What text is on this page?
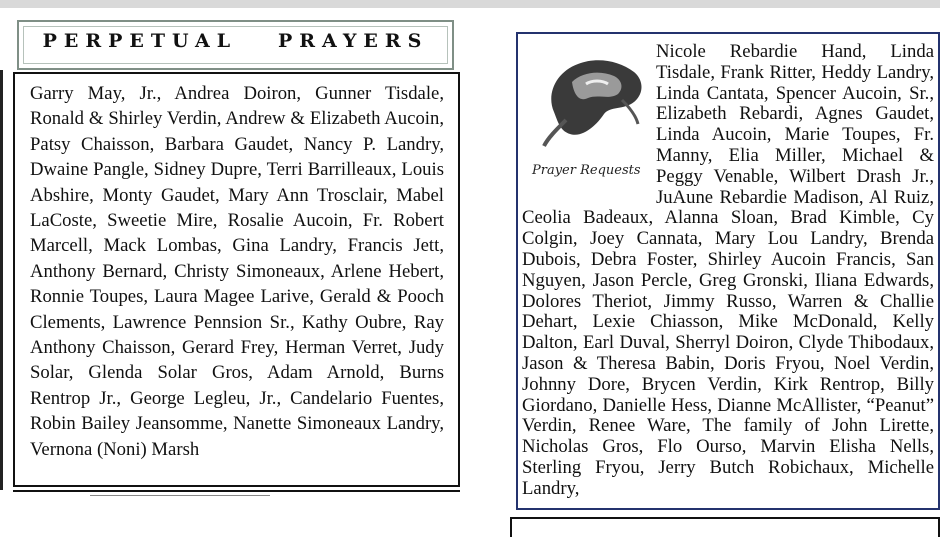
PERPETUAL   PRAYERS
Garry May, Jr., Andrea Doiron, Gunner Tisdale, Ronald & Shirley Verdin, Andrew & Elizabeth Aucoin, Patsy Chaisson, Barbara Gaudet, Nancy P. Landry, Dwaine Pangle, Sidney Dupre, Terri Barrilleaux, Louis Abshire, Monty Gaudet, Mary Ann Trosclair, Mabel LaCoste, Sweetie Mire, Rosalie Aucoin, Fr. Robert Marcell, Mack Lombas, Gina Landry, Francis Jett, Anthony Bernard, Christy Simoneaux, Arlene Hebert, Ronnie Toupes, Laura Magee Larive, Gerald & Pooch Clements, Lawrence Pennsion Sr., Kathy Oubre, Ray Anthony Chaisson, Gerard Frey, Herman Verret, Judy Solar, Glenda Solar Gros, Adam Arnold, Burns Rentrop Jr., George Legleu, Jr., Candelario Fuentes, Robin Bailey Jeansomme, Nanette Simoneaux Landry, Vernona (Noni) Marsh
Prayer Requests
Nicole Rebardie Hand, Linda Tisdale, Frank Ritter, Heddy Landry, Linda Cantata, Spencer Aucoin, Sr., Elizabeth Rebardi, Agnes Gaudet, Linda Aucoin, Marie Toupes, Fr. Manny, Elia Miller, Michael & Peggy Venable, Wilbert Drash Jr., JuAune Rebardie Madison, Al Ruiz, Ceolia Badeaux, Alanna Sloan, Brad Kimble, Cy Colgin, Joey Cannata, Mary Lou Landry, Brenda Dubois, Debra Foster, Shirley Aucoin Francis, San Nguyen, Jason Percle, Greg Gronski, Iliana Edwards, Dolores Theriot, Jimmy Russo, Warren & Challie Dehart, Lexie Chiasson, Mike McDonald, Kelly Dalton, Earl Duval, Sherryl Doiron, Clyde Thibodaux, Jason & Theresa Babin, Doris Fryou, Noel Verdin, Johnny Dore, Brycen Verdin, Kirk Rentrop, Billy Giordano, Danielle Hess, Dianne McAllister, “Peanut” Verdin, Renee Ware, The family of John Lirette, Nicholas Gros, Flo Ourso, Marvin Elisha Nells, Sterling Fryou, Jerry Butch Robichaux, Michelle Landry,
